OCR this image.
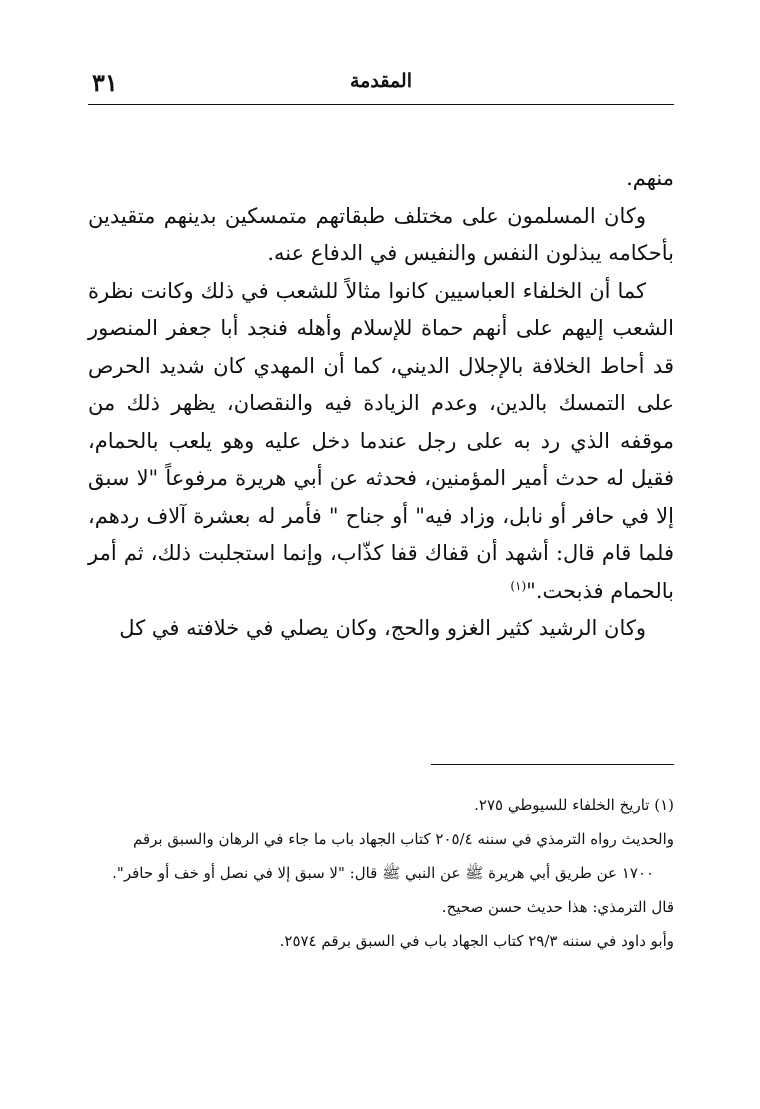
٣١	المقدمة

منهم.

وكان المسلمون على مختلف طبقاتهم متمسكين بدينهم متقيدين بأحكامه يبذلون النفس والنفيس في الدفاع عنه.

كما أن الخلفاء العباسيين كانوا مثالاً للشعب في ذلك وكانت نظرة الشعب إليهم على أنهم حماة للإسلام وأهله فنجد أبا جعفر المنصور قد أحاط الخلافة بالإجلال الديني، كما أن المهدي كان شديد الحرص على التمسك بالدين، وعدم الزيادة فيه والنقصان، يظهر ذلك من موقفه الذي رد به على رجل عندما دخل عليه وهو يلعب بالحمام، فقيل له حدث أمير المؤمنين، فحدثه عن أبي هريرة مرفوعاً "لا سبق إلا في حافر أو نابل، وزاد فيه" أو جناح " فأمر له بعشرة آلاف ردهم، فلما قام قال: أشهد أن قفاك قفا كذّاب، وإنما استجلبت ذلك، ثم أمر بالحمام فذبحت."$^{(١)}$

وكان الرشيد كثير الغزو والحج، وكان يصلي في خلافته في كل

(١) تاريخ الخلفاء للسيوطي ٢٧٥.

والحديث رواه الترمذي في سننه ٢٠٥/٤ كتاب الجهاد باب ما جاء في الرهان والسبق برقم

١٧٠٠ عن طريق أبي هريرة ﷺ عن النبي ﷺ قال: "لا سبق إلا في نصل أو خف أو حافر".

قال الترمذي: هذا حديث حسن صحيح.

وأبو داود في سننه ٢٩/٣ كتاب الجهاد باب في السبق برقم ٢٥٧٤.
